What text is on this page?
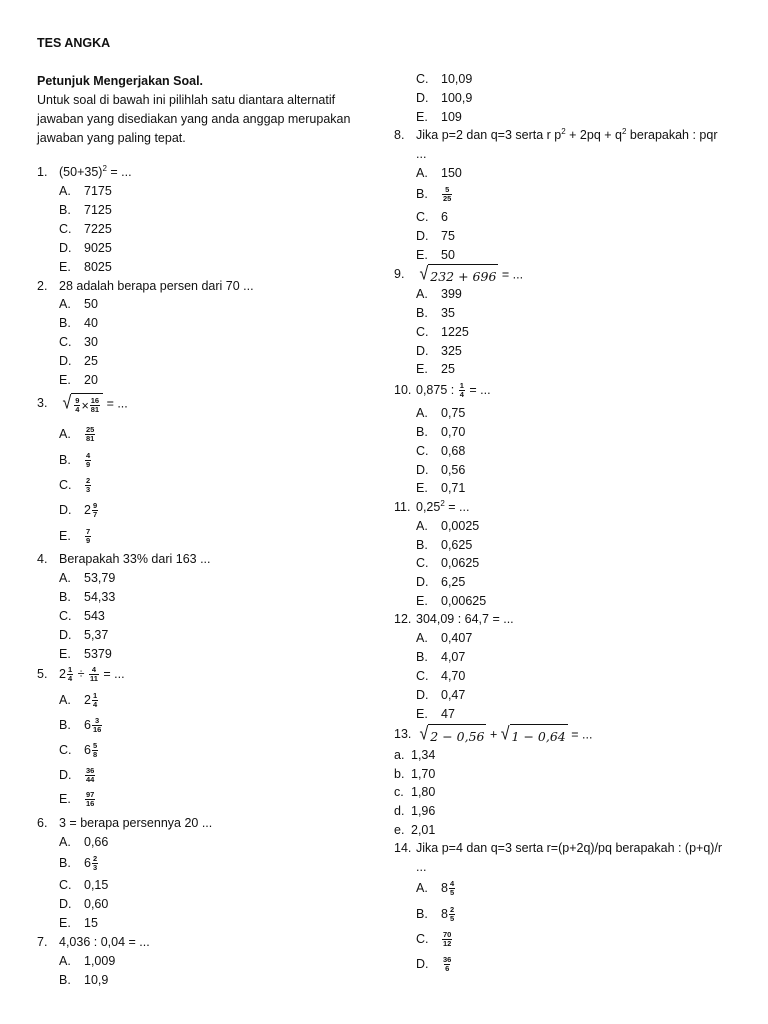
TES ANGKA
Petunjuk Mengerjakan Soal.
Untuk soal di bawah ini pilihlah satu diantara alternatif
jawaban yang disediakan yang anda anggap merupakan
jawaban yang paling tepat.
1. $(50+35)^2$ = ...
A. 7175
B. 7125
C. 7225
D. 9025
E. 8025
2. 28 adalah berapa persen dari 70 ...
A. 50
B. 40
C. 30
D. 25
E. 20
3. √ $\frac{9}{4} \times \frac{16}{81}$ = ...
A. $\frac{25}{81}$
B. $\frac{4}{9}$
C. $\frac{2}{3}$
D. $2 \frac{9}{7}$
E. $\frac{7}{9}$
4. Berapakah 33% dari 163 ...
A. 53,79
B. 54,33
C. 543
D. 5,37
E. 5379
5. $2 \frac{1}{4} \div \frac{4}{11}$ = ...
A. $2 \frac{1}{4}$
B. $6 \frac{3}{16}$
C. $6 \frac{5}{8}$
D. $\frac{36}{44}$
E. $\frac{97}{16}$
6. 3 = berapa persennya 20 ...
A. 0,66
B. $6 \frac{2}{3}$
C. 0,15
D. 0,60
E. 15
7. 4,036 : 0,04 = ...
A. 1,009
B. 10,9
C. 10,09
D. 100,9
E. 109
8. Jika p=2 dan q=3 serta r $p^2 + 2pq + q^2$ berapakah : pqr
...
A. 150
B. $\frac{5}{25}$
C. 6
D. 75
E. 50
9. √ 232 + 696 = ...
A. 399
B. 35
C. 1225
D. 325
E. 25
10. 0,875 : $\frac{1}{4}$ = ...
A. 0,75
B. 0,70
C. 0,68
D. 0,56
E. 0,71
11. $0,25^2$ = ...
A. 0,0025
B. 0,625
C. 0,0625
D. 6,25
E. 0,00625
12. 304,09 : 64,7 = ...
A. 0,407
B. 4,07
C. 4,70
D. 0,47
E. 47
13. √ 2 − 0,56 + √ 1 − 0,64 = ...
a. 1,34
b. 1,70
c. 1,80
d. 1,96
e. 2,01
14. Jika p=4 dan q=3 serta r=(p+2q)/pq berapakah : (p+q)/r
...
A. $8 \frac{4}{5}$
B. $8 \frac{2}{5}$
C. $\frac{70}{12}$
D. $\frac{36}{6}$
